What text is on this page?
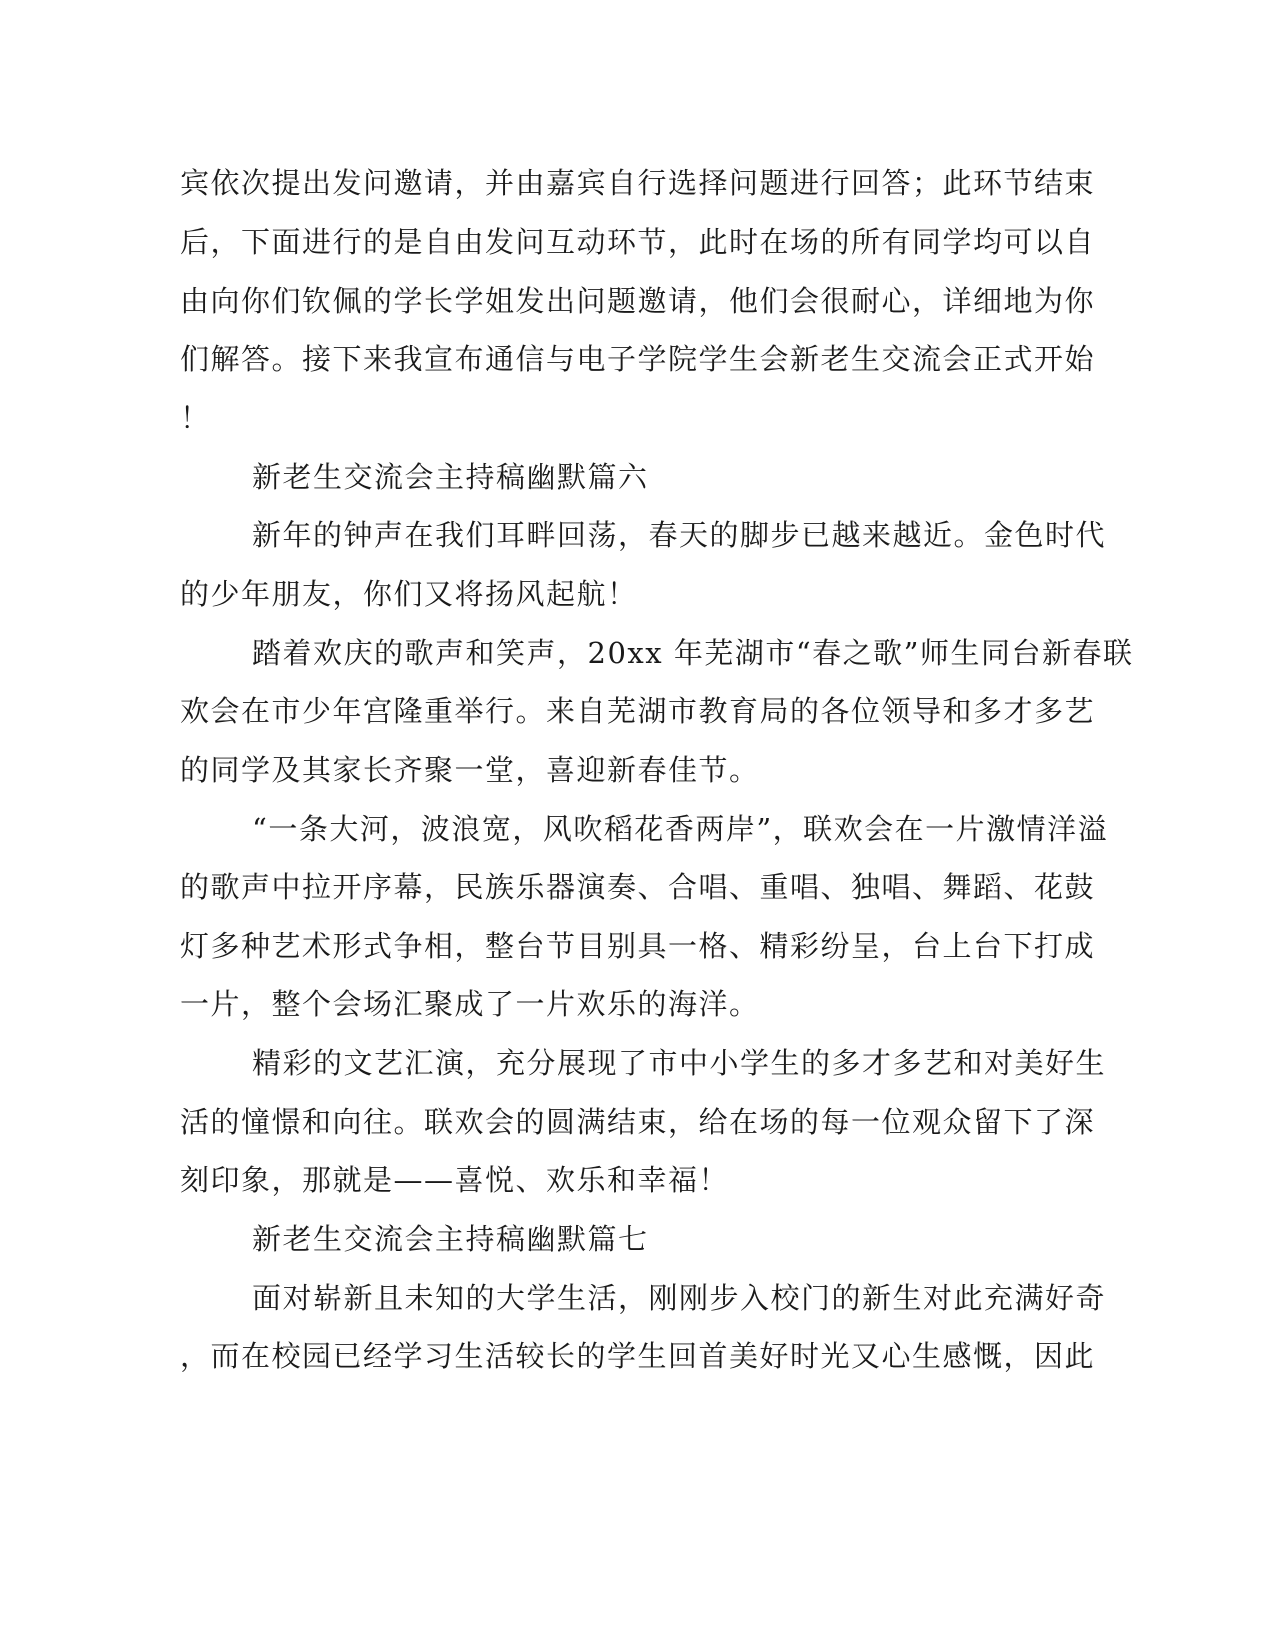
宾依次提出发问邀请，并由嘉宾自行选择问题进行回答；此环节结束
后，下面进行的是自由发问互动环节，此时在场的所有同学均可以自
由向你们钦佩的学长学姐发出问题邀请，他们会很耐心，详细地为你
们解答。接下来我宣布通信与电子学院学生会新老生交流会正式开始
！
新老生交流会主持稿幽默篇六
新年的钟声在我们耳畔回荡，春天的脚步已越来越近。金色时代
的少年朋友，你们又将扬风起航！
踏着欢庆的歌声和笑声，20xx 年芜湖市“春之歌”师生同台新春联
欢会在市少年宫隆重举行。来自芜湖市教育局的各位领导和多才多艺
的同学及其家长齐聚一堂，喜迎新春佳节。
“一条大河，波浪宽，风吹稻花香两岸”，联欢会在一片激情洋溢
的歌声中拉开序幕，民族乐器演奏、合唱、重唱、独唱、舞蹈、花鼓
灯多种艺术形式争相，整台节目别具一格、精彩纷呈，台上台下打成
一片，整个会场汇聚成了一片欢乐的海洋。
精彩的文艺汇演，充分展现了市中小学生的多才多艺和对美好生
活的憧憬和向往。联欢会的圆满结束，给在场的每一位观众留下了深
刻印象，那就是——喜悦、欢乐和幸福！
新老生交流会主持稿幽默篇七
面对崭新且未知的大学生活，刚刚步入校门的新生对此充满好奇
，而在校园已经学习生活较长的学生回首美好时光又心生感慨，因此
